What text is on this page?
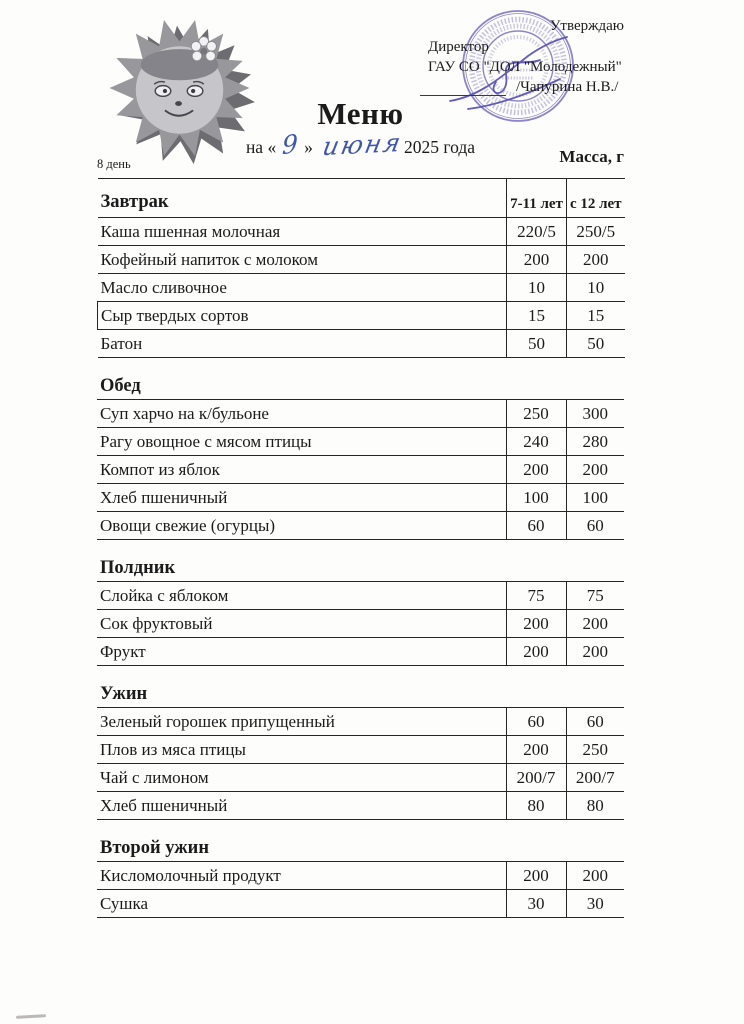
Утверждаю
Директор
ГАУ СО "ДОЛ "Молодежный"
/Чапурина Н.В./
Меню
на « 9 » июня2025 года
8 день	Масса, г
Завтрак	7-11 лет	с 12 лет
Каша пшенная молочная	220/5	250/5
Кофейный напиток с молоком	200	200
Масло сливочное	10	10
Сыр твердых сортов	15	15
Батон	50	50
Обед		
Суп харчо на к/бульоне	250	300
Рагу овощное с мясом птицы	240	280
Компот из яблок	200	200
Хлеб пшеничный	100	100
Овощи свежие (огурцы)	60	60
Полдник		
Слойка с яблоком	75	75
Сок фруктовый	200	200
Фрукт	200	200
Ужин		
Зеленый горошек припущенный	60	60
Плов из мяса птицы	200	250
Чай с лимоном	200/7	200/7
Хлеб пшеничный	80	80
Второй ужин		
Кисломолочный продукт	200	200
Сушка	30	30
